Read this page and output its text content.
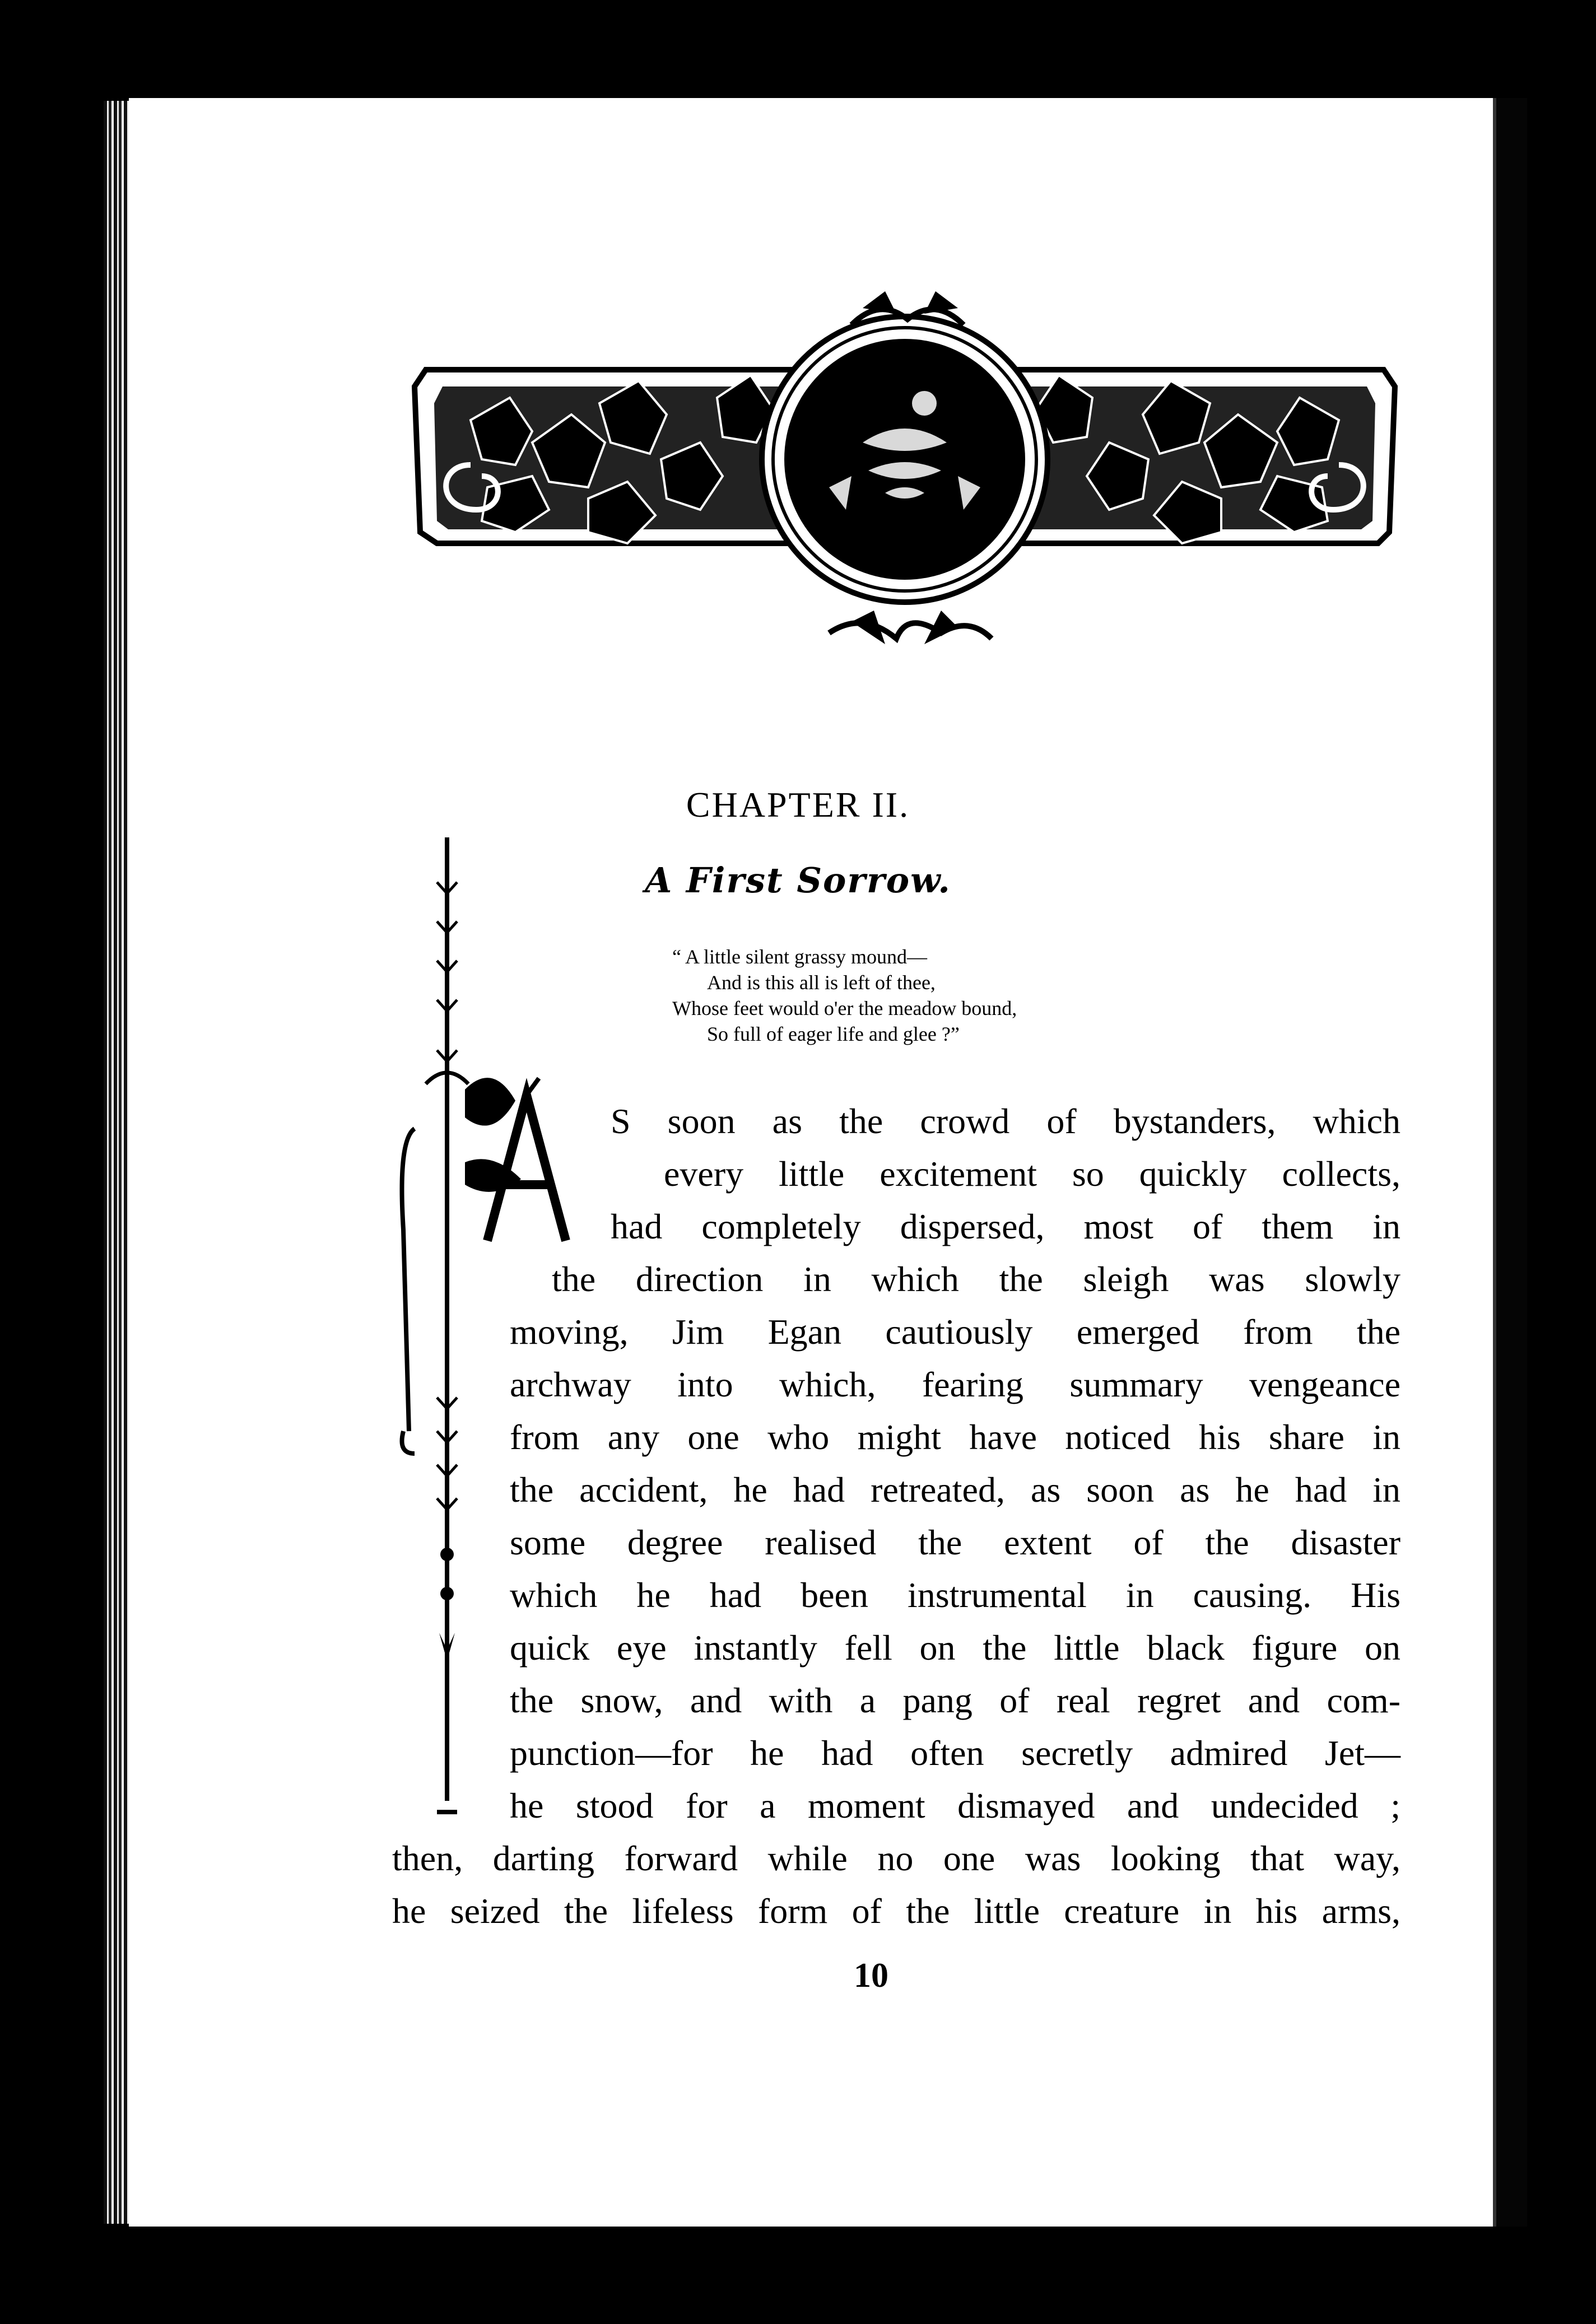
CHAPTER II.
A First Sorrow.
“ A little silent grassy mound—
And is this all is left of thee,
Whose feet would o'er the meadow bound,
So full of eager life and glee ?”
S soon as the crowd of bystanders, which
every little excitement so quickly collects,
had completely dispersed, most of them in
the direction in which the sleigh was slowly
moving, Jim Egan cautiously emerged from the
archway into which, fearing summary vengeance
from any one who might have noticed his share in
the accident, he had retreated, as soon as he had in
some degree realised the extent of the disaster
which he had been instrumental in causing. His
quick eye instantly fell on the little black figure on
the snow, and with a pang of real regret and com-
punction—for he had often secretly admired Jet—
he stood for a moment dismayed and undecided ;
then, darting forward while no one was looking that way,
he seized the lifeless form of the little creature in his arms,
10
